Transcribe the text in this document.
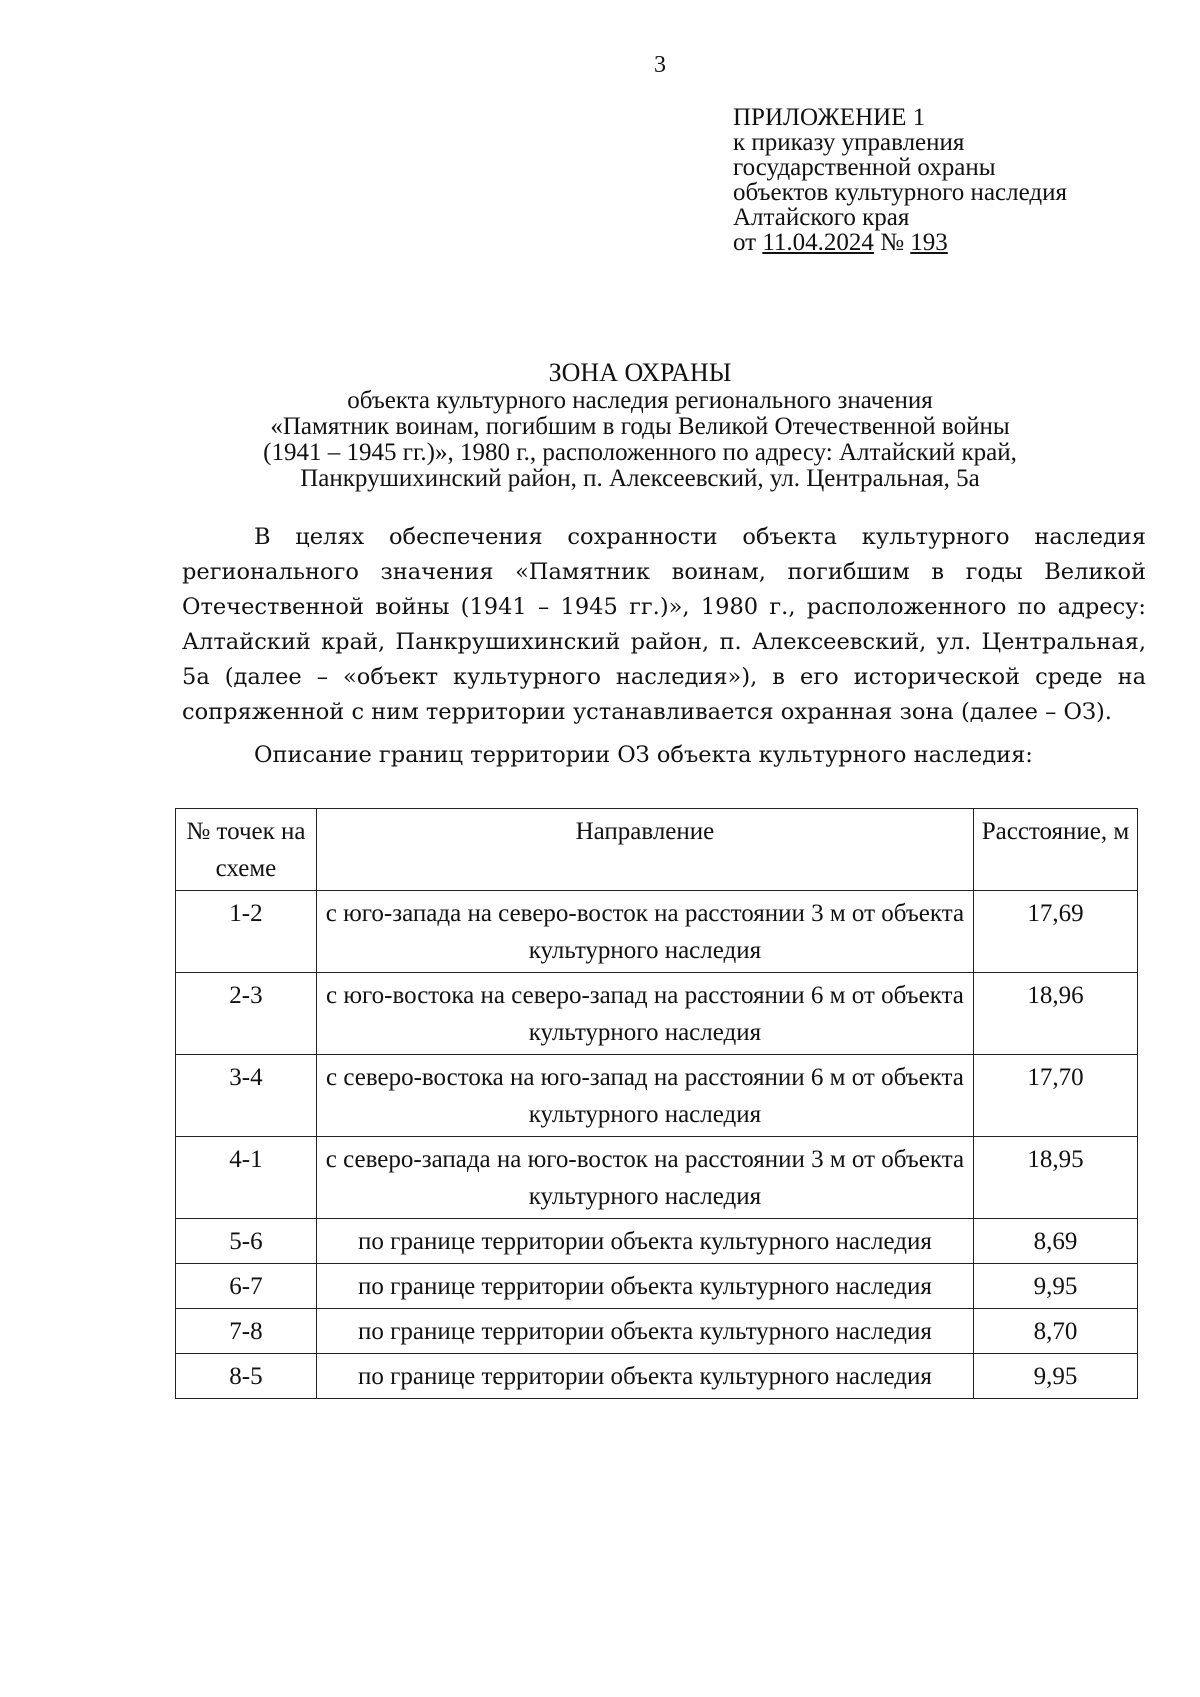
3
ПРИЛОЖЕНИЕ 1
к приказу управления
государственной охраны
объектов культурного наследия
Алтайского края
от 11.04.2024 № 193
ЗОНА ОХРАНЫ
объекта культурного наследия регионального значения
«Памятник воинам, погибшим в годы Великой Отечественной войны
(1941 – 1945 гг.)», 1980 г., расположенного по адресу: Алтайский край,
Панкрушихинский район, п. Алексеевский, ул. Центральная, 5а

В целях обеспечения сохранности объекта культурного наследия регионального значения «Памятник воинам, погибшим в годы Великой Отечественной войны (1941 – 1945 гг.)», 1980 г., расположенного по адресу: Алтайский край, Панкрушихинский район, п. Алексеевский, ул. Центральная, 5а (далее – «объект культурного наследия»), в его исторической среде на сопряженной с ним территории устанавливается охранная зона (далее – ОЗ).

Описание границ территории ОЗ объекта культурного наследия:
№ точек на схеме	Направление	Расстояние, м
1-2	с юго-запада на северо-восток на расстоянии 3 м от объекта культурного наследия	17,69
2-3	с юго-востока на северо-запад на расстоянии 6 м от объекта культурного наследия	18,96
3-4	с северо-востока на юго-запад на расстоянии 6 м от объекта культурного наследия	17,70
4-1	с северо-запада на юго-восток на расстоянии 3 м от объекта культурного наследия	18,95
5-6	по границе территории объекта культурного наследия	8,69
6-7	по границе территории объекта культурного наследия	9,95
7-8	по границе территории объекта культурного наследия	8,70
8-5	по границе территории объекта культурного наследия	9,95
